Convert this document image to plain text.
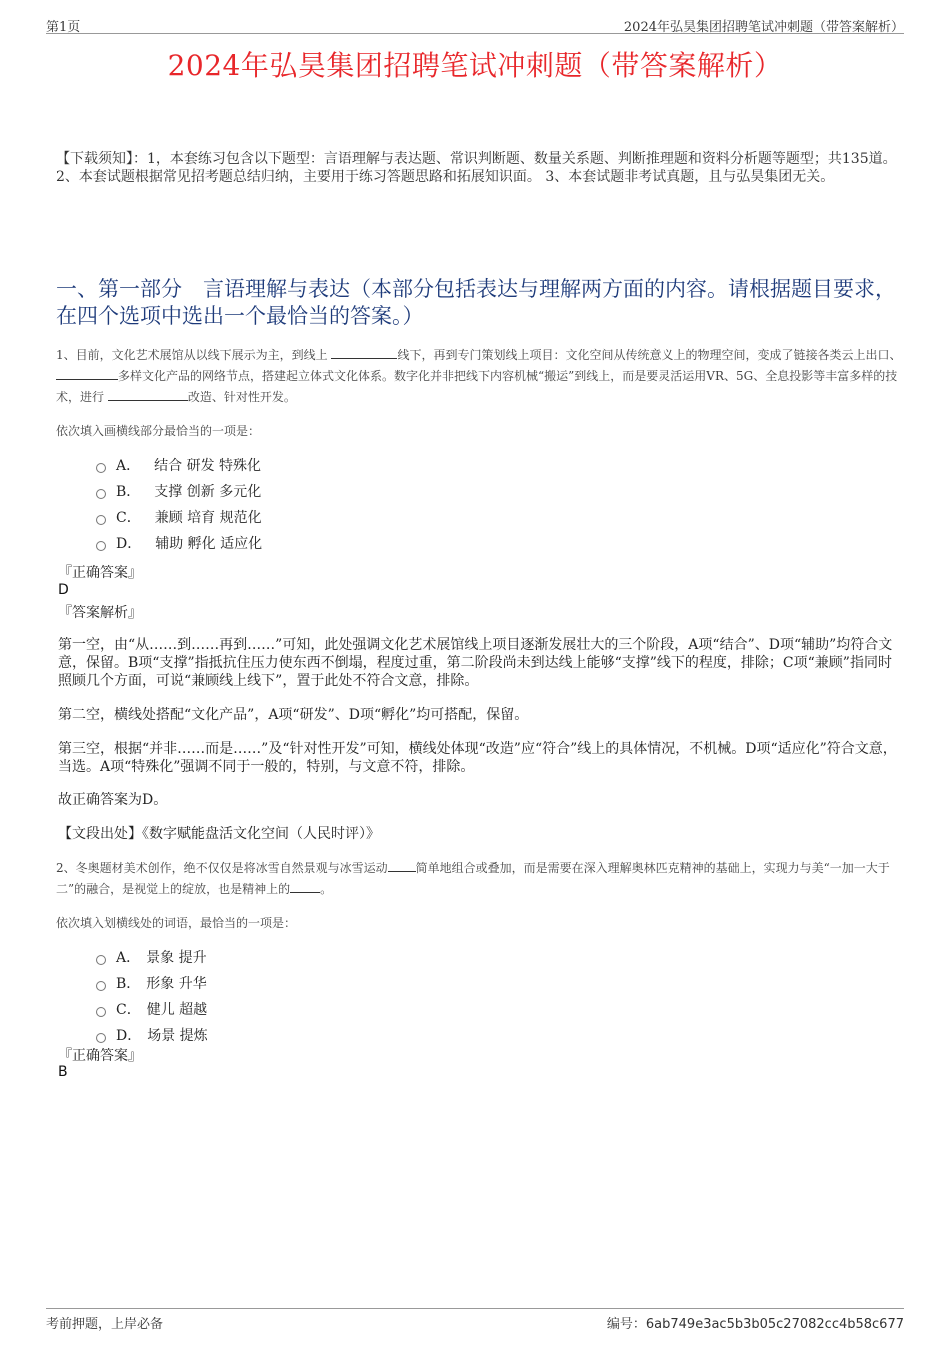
第1页	2024年弘昊集团招聘笔试冲刺题（带答案解析）
2024年弘昊集团招聘笔试冲刺题（带答案解析）
【下载须知】：1，本套练习包含以下题型：言语理解与表达题、常识判断题、数量关系题、判断推理题和资料分析题等题型；共135道。 2、本套试题根据常见招考题总结归纳，主要用于练习答题思路和拓展知识面。 3、本套试题非考试真题，且与弘昊集团无关。
一、第一部分　言语理解与表达（本部分包括表达与理解两方面的内容。请根据题目要求，在四个选项中选出一个最恰当的答案。）
1、目前，文化艺术展馆从以线下展示为主，到线上	线下，再到专门策划线上项目：文化空间从传统意义上的物理空间，变成了链接各类云上出口、多样文化产品的网络节点，搭建起立体式文化体系。数字化并非把线下内容机械“搬运”到线上，而是要灵活运用VR、5G、全息投影等丰富多样的技术，进行	改造、针对性开发。
依次填入画横线部分最恰当的一项是：
A． 结合 研发 特殊化
B． 支撑 创新 多元化
C． 兼顾 培育 规范化
D． 辅助 孵化 适应化
『正确答案』
D
『答案解析』
第一空，由“从……到……再到……”可知，此处强调文化艺术展馆线上项目逐渐发展壮大的三个阶段，A项“结合”、D项“辅助”均符合文意，保留。B项“支撑”指抵抗住压力使东西不倒塌，程度过重，第二阶段尚未到达线上能够“支撑”线下的程度，排除；C项“兼顾”指同时照顾几个方面，可说“兼顾线上线下”，置于此处不符合文意，排除。
第二空，横线处搭配“文化产品”，A项“研发”、D项“孵化”均可搭配，保留。
第三空，根据“并非……而是……”及“针对性开发”可知，横线处体现“改造”应“符合”线上的具体情况，不机械。D项“适应化”符合文意，当选。A项“特殊化”强调不同于一般的，特别，与文意不符，排除。
故正确答案为D。
【文段出处】《数字赋能盘活文化空间（人民时评）》
2、冬奥题材美术创作，绝不仅仅是将冰雪自然景观与冰雪运动 简单地组合或叠加，而是需要在深入理解奥林匹克精神的基础上，实现力与美“一加一大于二”的融合，是视觉上的绽放，也是精神上的	。
依次填入划横线处的词语，最恰当的一项是：
A． 景象 提升
B． 形象 升华
C． 健儿 超越
D． 场景 提炼
『正确答案』
B
考前押题，上岸必备	编号：6ab749e3ac5b3b05c27082cc4b58c677
